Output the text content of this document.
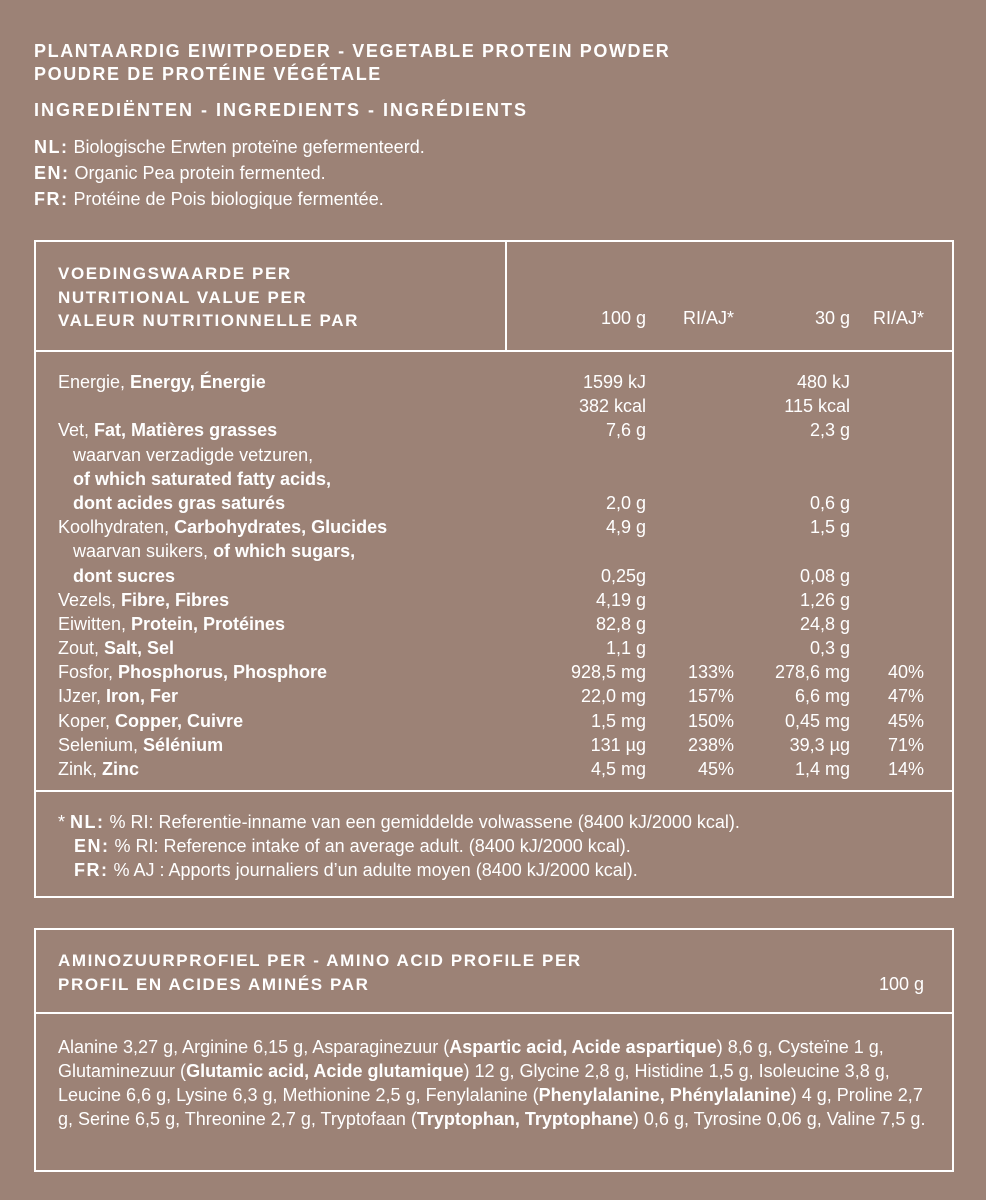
PLANTAARDIG EIWITPOEDER - VEGETABLE PROTEIN POWDER
POUDRE DE PROTÉINE VÉGÉTALE
INGREDIËNTEN - INGREDIENTS - INGRÉDIENTS
NL: Biologische Erwten proteïne gefermenteerd.
EN: Organic Pea protein fermented.
FR: Protéine de Pois biologique fermentée.
VOEDINGSWAARDE PER
NUTRITIONAL VALUE PER
VALEUR NUTRITIONNELLE PAR	100 g RI/AJ*	30 g RI/AJ*
Energie, Energy, Énergie	1599 kJ	480 kJ
382 kcal	115 kcal
Vet, Fat, Matières grasses	7,6 g	2,3 g
waarvan verzadigde vetzuren,
of which saturated fatty acids,
dont acides gras saturés	2,0 g	0,6 g
Koolhydraten, Carbohydrates, Glucides	4,9 g	1,5 g
waarvan suikers, of which sugars,
dont sucres	0,25g	0,08 g
Vezels, Fibre, Fibres	4,19 g	1,26 g
Eiwitten, Protein, Protéines	82,8 g	24,8 g
Zout, Salt, Sel	1,1 g	0,3 g
Fosfor, Phosphorus, Phosphore	928,5 mg 133% 278,6 mg 40%
IJzer, Iron, Fer	22,0 mg 157%	6,6 mg 47%
Koper, Copper, Cuivre	1,5 mg 150%	0,45 mg 45%
Selenium, Sélénium	131 µg 238%	39,3 µg 71%
Zink, Zinc	4,5 mg	45%	1,4 mg 14%
* NL: % RI: Referentie-inname van een gemiddelde volwassene (8400 kJ/2000 kcal).
EN: % RI: Reference intake of an average adult. (8400 kJ/2000 kcal).
FR: % AJ : Apports journaliers d’un adulte moyen (8400 kJ/2000 kcal).
AMINOZUURPROFIEL PER - AMINO ACID PROFILE PER
PROFIL EN ACIDES AMINÉS PAR	100 g
Alanine 3,27 g, Arginine 6,15 g, Asparaginezuur (Aspartic acid, Acide aspartique) 8,6 g, Cysteïne 1 g, Glutaminezuur (Glutamic acid, Acide glutamique) 12 g, Glycine 2,8 g, Histidine 1,5 g, Isoleucine 3,8 g, Leucine 6,6 g, Lysine 6,3 g, Methionine 2,5 g, Fenylalanine (Phenylalanine, Phénylalanine) 4 g, Proline 2,7 g, Serine 6,5 g, Threonine 2,7 g, Tryptofaan (Tryptophan, Tryptophane) 0,6 g, Tyrosine 0,06 g, Valine 7,5 g.
